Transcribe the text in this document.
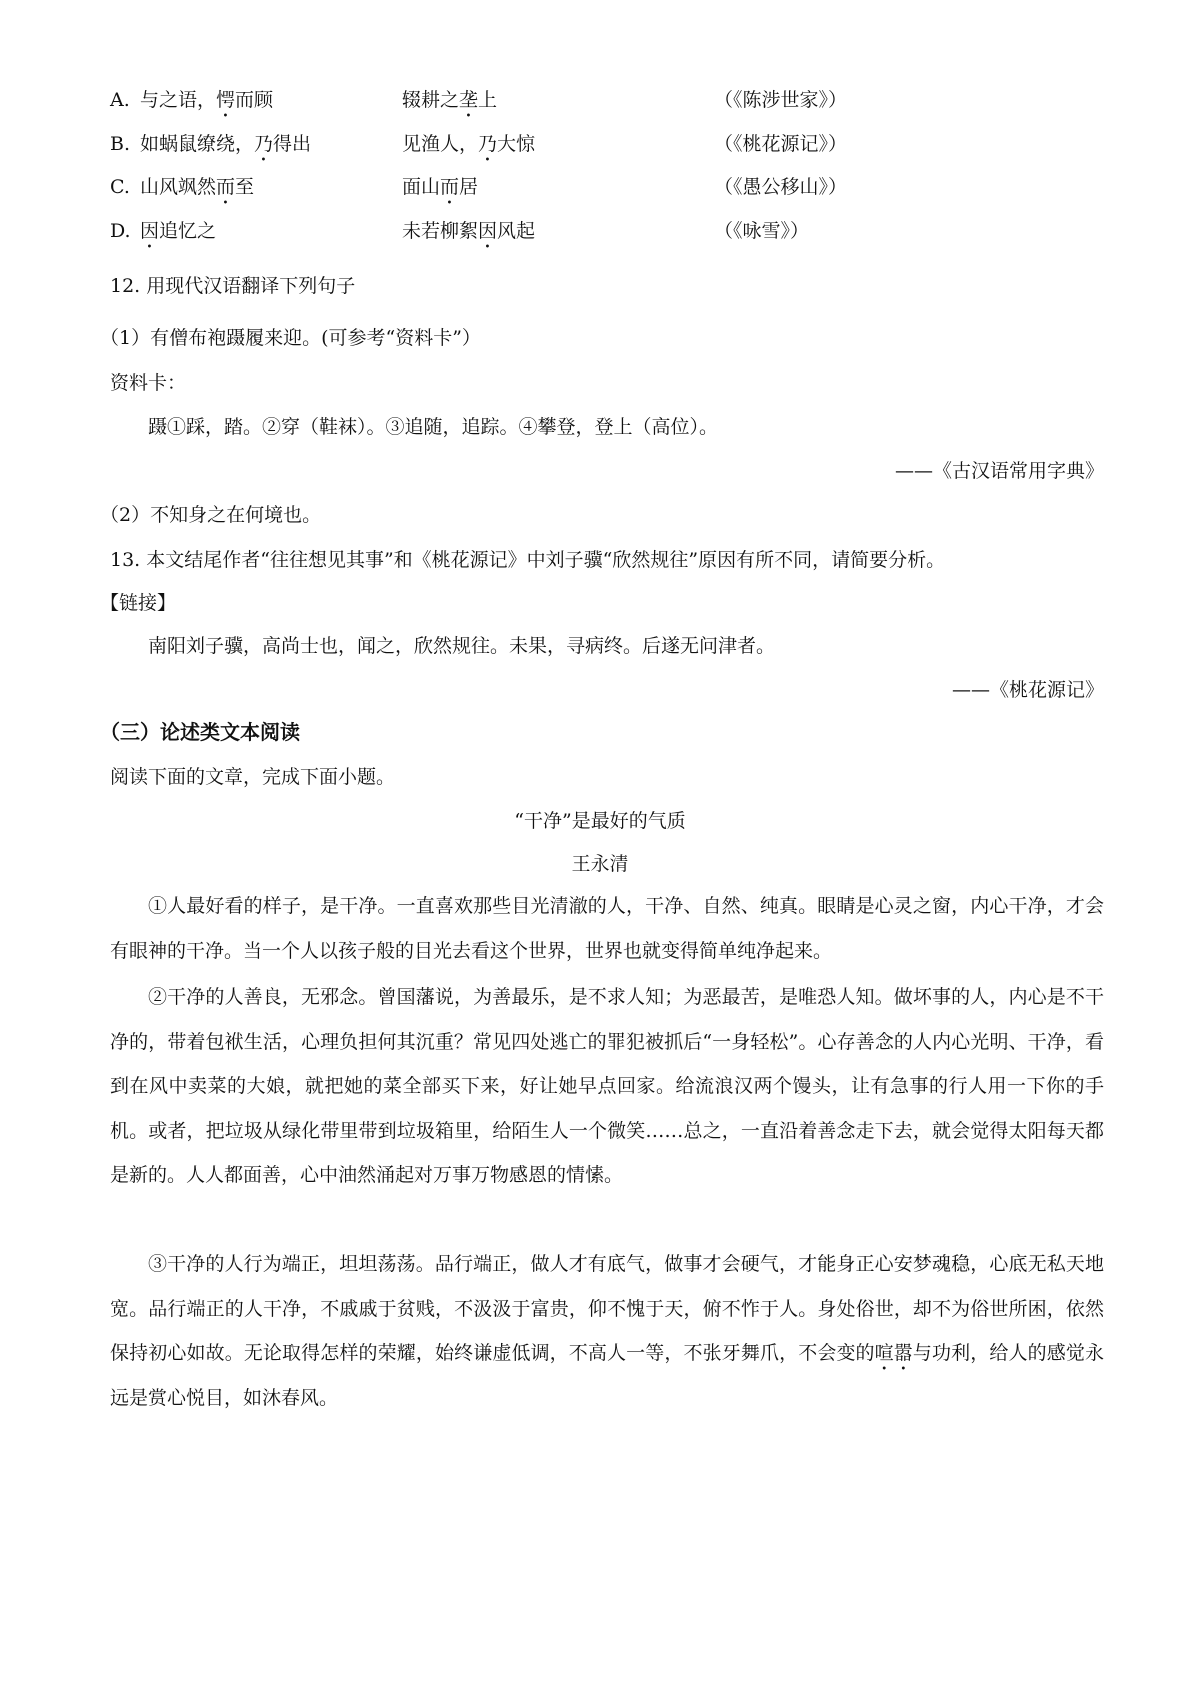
A. 与之语，愕而顾	辍耕之垄上	（《陈涉世家》）
B. 如蜗鼠缭绕，乃得出	见渔人，乃大惊	（《桃花源记》）
C. 山风飒然而至	面山而居	（《愚公移山》）
D. 因追忆之	未若柳絮因风起	（《咏雪》）
12. 用现代汉语翻译下列句子
（1）有僧布袍蹑履来迎。(可参考“资料卡”）
资料卡：
蹑①踩，踏。②穿（鞋袜）。③追随，追踪。④攀登，登上（高位）。
——《古汉语常用字典》
（2）不知身之在何境也。
13. 本文结尾作者“往往想见其事”和《桃花源记》中刘子骥“欣然规往”原因有所不同，请简要分析。
【链接】
南阳刘子骥，高尚士也，闻之，欣然规往。未果，寻病终。后遂无问津者。
——《桃花源记》
（三）论述类文本阅读
阅读下面的文章，完成下面小题。
“干净”是最好的气质
王永清
①人最好看的样子，是干净。一直喜欢那些目光清澈的人，干净、自然、纯真。眼睛是心灵之窗，内心干净，才会有眼神的干净。当一个人以孩子般的目光去看这个世界，世界也就变得简单纯净起来。
②干净的人善良，无邪念。曾国藩说，为善最乐，是不求人知；为恶最苦，是唯恐人知。做坏事的人，内心是不干净的，带着包袱生活，心理负担何其沉重？常见四处逃亡的罪犯被抓后“一身轻松”。心存善念的人内心光明、干净，看到在风中卖菜的大娘，就把她的菜全部买下来，好让她早点回家。给流浪汉两个馒头，让有急事的行人用一下你的手机。或者，把垃圾从绿化带里带到垃圾箱里，给陌生人一个微笑……总之，一直沿着善念走下去，就会觉得太阳每天都是新的。人人都面善，心中油然涌起对万事万物感恩的情愫。
③干净的人行为端正，坦坦荡荡。品行端正，做人才有底气，做事才会硬气，才能身正心安梦魂稳，心底无私天地宽。品行端正的人干净，不戚戚于贫贱，不汲汲于富贵，仰不愧于天，俯不怍于人。身处俗世，却不为俗世所困，依然保持初心如故。无论取得怎样的荣耀，始终谦虚低调，不高人一等，不张牙舞爪，不会变的喧嚣与功利，给人的感觉永远是赏心悦目，如沐春风。
